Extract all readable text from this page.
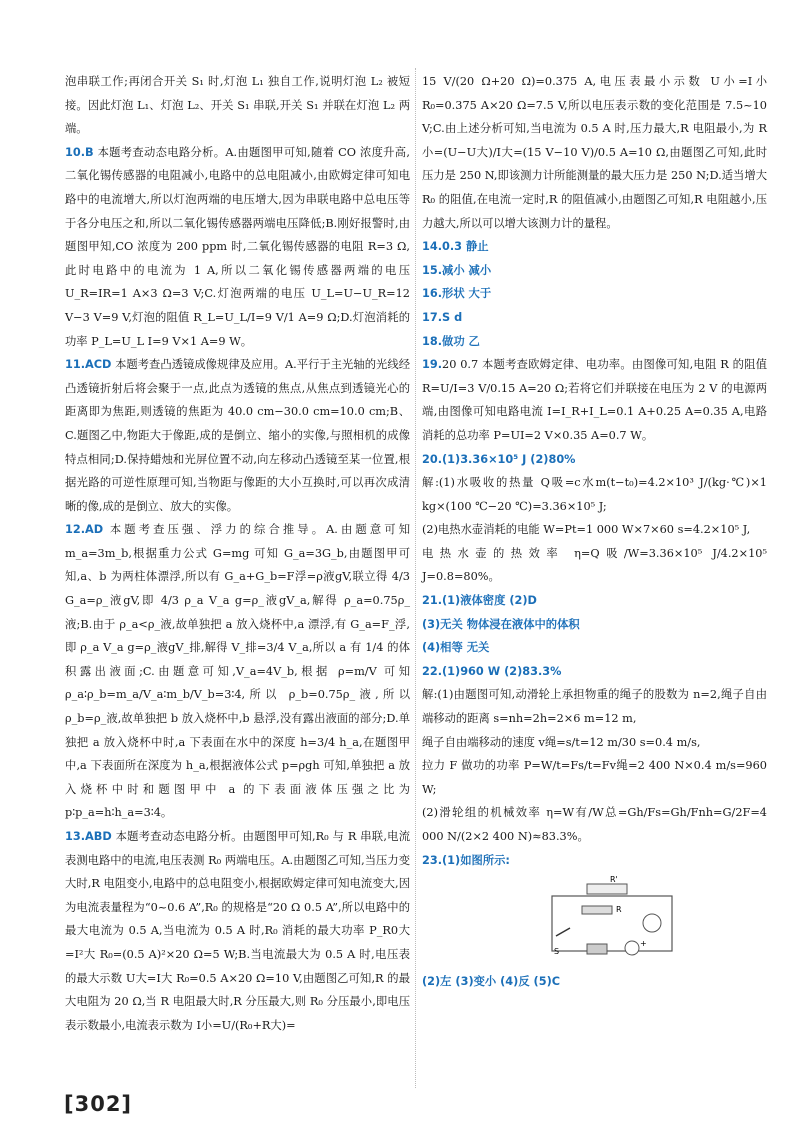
泡串联工作;再闭合开关 S₁ 时,灯泡 L₁ 独自工作,说明灯泡 L₂ 被短接。因此灯泡 L₁、灯泡 L₂、开关 S₁ 串联,开关 S₁ 并联在灯泡 L₂ 两端。

10.B 本题考查动态电路分析。A.由题图甲可知,随着 CO 浓度升高,二氧化锡传感器的电阻减小,电路中的总电阻减小,由欧姆定律可知电路中的电流增大,所以灯泡两端的电压增大,因为串联电路中总电压等于各分电压之和,所以二氧化锡传感器两端电压降低;B.刚好报警时,由题图甲知,CO 浓度为 200 ppm 时,二氧化锡传感器的电阻 R=3 Ω,此时电路中的电流为 1 A,所以二氧化锡传感器两端的电压 U_R=IR=1 A×3 Ω=3 V;C.灯泡两端的电压 U_L=U−U_R=12 V−3 V=9 V,灯泡的阻值 R_L=U_L/I=9 V/1 A=9 Ω;D.灯泡消耗的功率 P_L=U_L I=9 V×1 A=9 W。

11.ACD 本题考查凸透镜成像规律及应用。A.平行于主光轴的光线经凸透镜折射后将会聚于一点,此点为透镜的焦点,从焦点到透镜光心的距离即为焦距,则透镜的焦距为 40.0 cm−30.0 cm=10.0 cm;B、C.题图乙中,物距大于像距,成的是倒立、缩小的实像,与照相机的成像特点相同;D.保持蜡烛和光屏位置不动,向左移动凸透镜至某一位置,根据光路的可逆性原理可知,当物距与像距的大小互换时,可以再次成清晰的像,成的是倒立、放大的实像。

12.AD 本题考查压强、浮力的综合推导。A.由题意可知 m_a=3m_b,根据重力公式 G=mg 可知 G_a=3G_b,由题图甲可知,a、b 为两柱体漂浮,所以有 G_a+G_b=F浮=ρ液gV,联立得 4/3 G_a=ρ_液gV,即 4/3 ρ_a V_a g=ρ_液gV_a,解得 ρ_a=0.75ρ_液;B.由于 ρ_a<ρ_液,故单独把 a 放入烧杯中,a 漂浮,有 G_a=F_浮,即 ρ_a V_a g=ρ_液gV_排,解得 V_排=3/4 V_a,所以 a 有 1/4 的体积露出液面;C.由题意可知,V_a=4V_b,根据 ρ=m/V 可知 ρ_a∶ρ_b=m_a/V_a∶m_b/V_b=3∶4,所以 ρ_b=0.75ρ_液,所以 ρ_b=ρ_液,故单独把 b 放入烧杯中,b 悬浮,没有露出液面的部分;D.单独把 a 放入烧杯中时,a 下表面在水中的深度 h=3/4 h_a,在题图甲中,a 下表面所在深度为 h_a,根据液体公式 p=ρgh 可知,单独把 a 放入烧杯中时和题图甲中 a 的下表面液体压强之比为 p∶p_a=h∶h_a=3∶4。

13.ABD 本题考查动态电路分析。由题图甲可知,R₀ 与 R 串联,电流表测电路中的电流,电压表测 R₀ 两端电压。A.由题图乙可知,当压力变大时,R 电阻变小,电路中的总电阻变小,根据欧姆定律可知电流变大,因为电流表量程为“0~0.6 A”,R₀ 的规格是“20 Ω 0.5 A”,所以电路中的最大电流为 0.5 A,当电流为 0.5 A 时,R₀ 消耗的最大功率 P_R0大=I²大 R₀=(0.5 A)²×20 Ω=5 W;B.当电流最大为 0.5 A 时,电压表的最大示数 U大=I大 R₀=0.5 A×20 Ω=10 V,由题图乙可知,R 的最大电阻为 20 Ω,当 R 电阻最大时,R 分压最大,则 R₀ 分压最小,即电压表示数最小,电流表示数为 I小=U/(R₀+R大)=

15 V/(20 Ω+20 Ω)=0.375 A,电压表最小示数 U小=I小 R₀=0.375 A×20 Ω=7.5 V,所以电压表示数的变化范围是 7.5~10 V;C.由上述分析可知,当电流为 0.5 A 时,压力最大,R 电阻最小,为 R小=(U−U大)/I大=(15 V−10 V)/0.5 A=10 Ω,由题图乙可知,此时压力是 250 N,即该测力计所能测量的最大压力是 250 N;D.适当增大 R₀ 的阻值,在电流一定时,R 的阻值减小,由题图乙可知,R 电阻越小,压力越大,所以可以增大该测力计的量程。

14.0.3 静止

15.减小 减小

16.形状 大于

17.S d

18.做功 乙

19.20 0.7 本题考查欧姆定律、电功率。由图像可知,电阻 R 的阻值 R=U/I=3 V/0.15 A=20 Ω;若将它们并联接在电压为 2 V 的电源两端,由图像可知电路电流 I=I_R+I_L=0.1 A+0.25 A=0.35 A,电路消耗的总功率 P=UI=2 V×0.35 A=0.7 W。

20.(1)3.36×10⁵ J (2)80%

解:(1)水吸收的热量 Q吸=c水m(t−t₀)=4.2×10³ J/(kg·℃)×1 kg×(100 ℃−20 ℃)=3.36×10⁵ J;

(2)电热水壶消耗的电能 W=Pt=1 000 W×7×60 s=4.2×10⁵ J,

电热水壶的热效率 η=Q吸/W=3.36×10⁵ J/4.2×10⁵ J=0.8=80%。

21.(1)液体密度 (2)D

(3)无关 物体浸在液体中的体积

(4)相等 无关

22.(1)960 W (2)83.3%

解:(1)由题图可知,动滑轮上承担物重的绳子的股数为 n=2,绳子自由端移动的距离 s=nh=2h=2×6 m=12 m,

绳子自由端移动的速度 v绳=s/t=12 m/30 s=0.4 m/s,

拉力 F 做功的功率 P=W/t=Fs/t=Fv绳=2 400 N×0.4 m/s=960 W;

(2)滑轮组的机械效率 η=W有/W总=Gh/Fs=Gh/Fnh=G/2F=4 000 N/(2×2 400 N)≈83.3%。

23.(1)如图所示:

R'
R
S
+

(2)左 (3)变小 (4)反 (5)C

[302]
